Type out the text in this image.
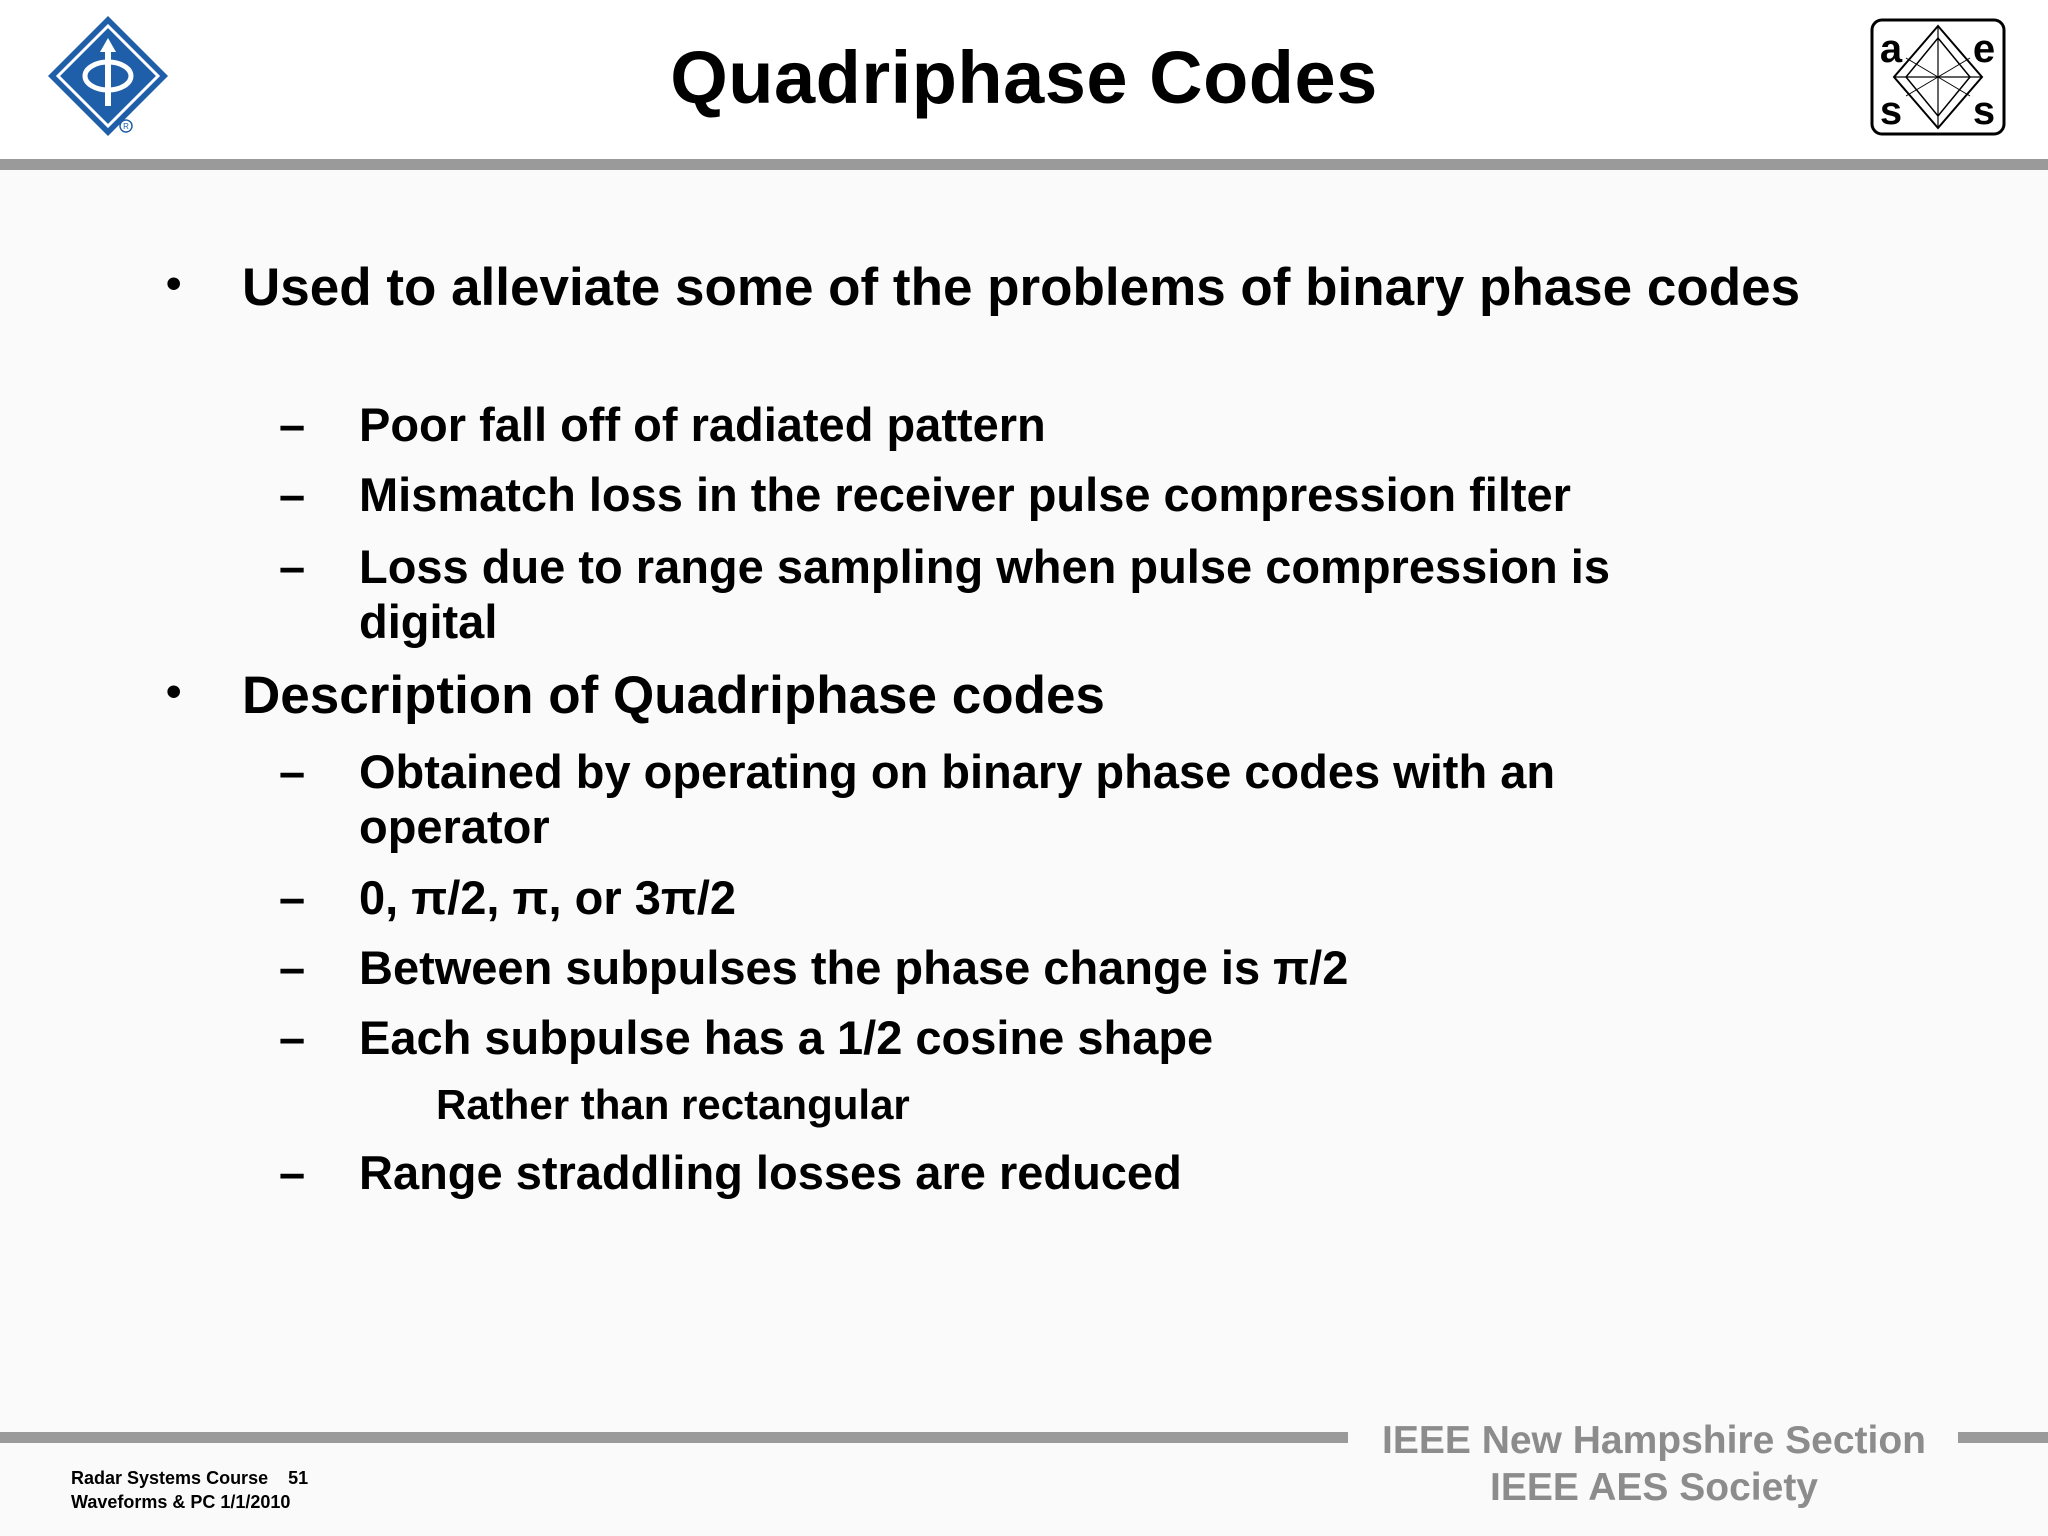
R
Quadriphase Codes	a e
s s
• Used to alleviate some of the problems of binary phase codes
– Poor fall off of radiated pattern
– Mismatch loss in the receiver pulse compression filter
– Loss due to range sampling when pulse compression is digital
• Description of Quadriphase codes
– Obtained by operating on binary phase codes with an operator
– 0, π/2, π, or 3π/2
– Between subpulses the phase change is π/2
– Each subpulse has a 1/2 cosine shape
Rather than rectangular
– Range straddling losses are reduced
IEEE New Hampshire Section
IEEE AES Society
Radar Systems Course 51
Waveforms & PC 1/1/2010
